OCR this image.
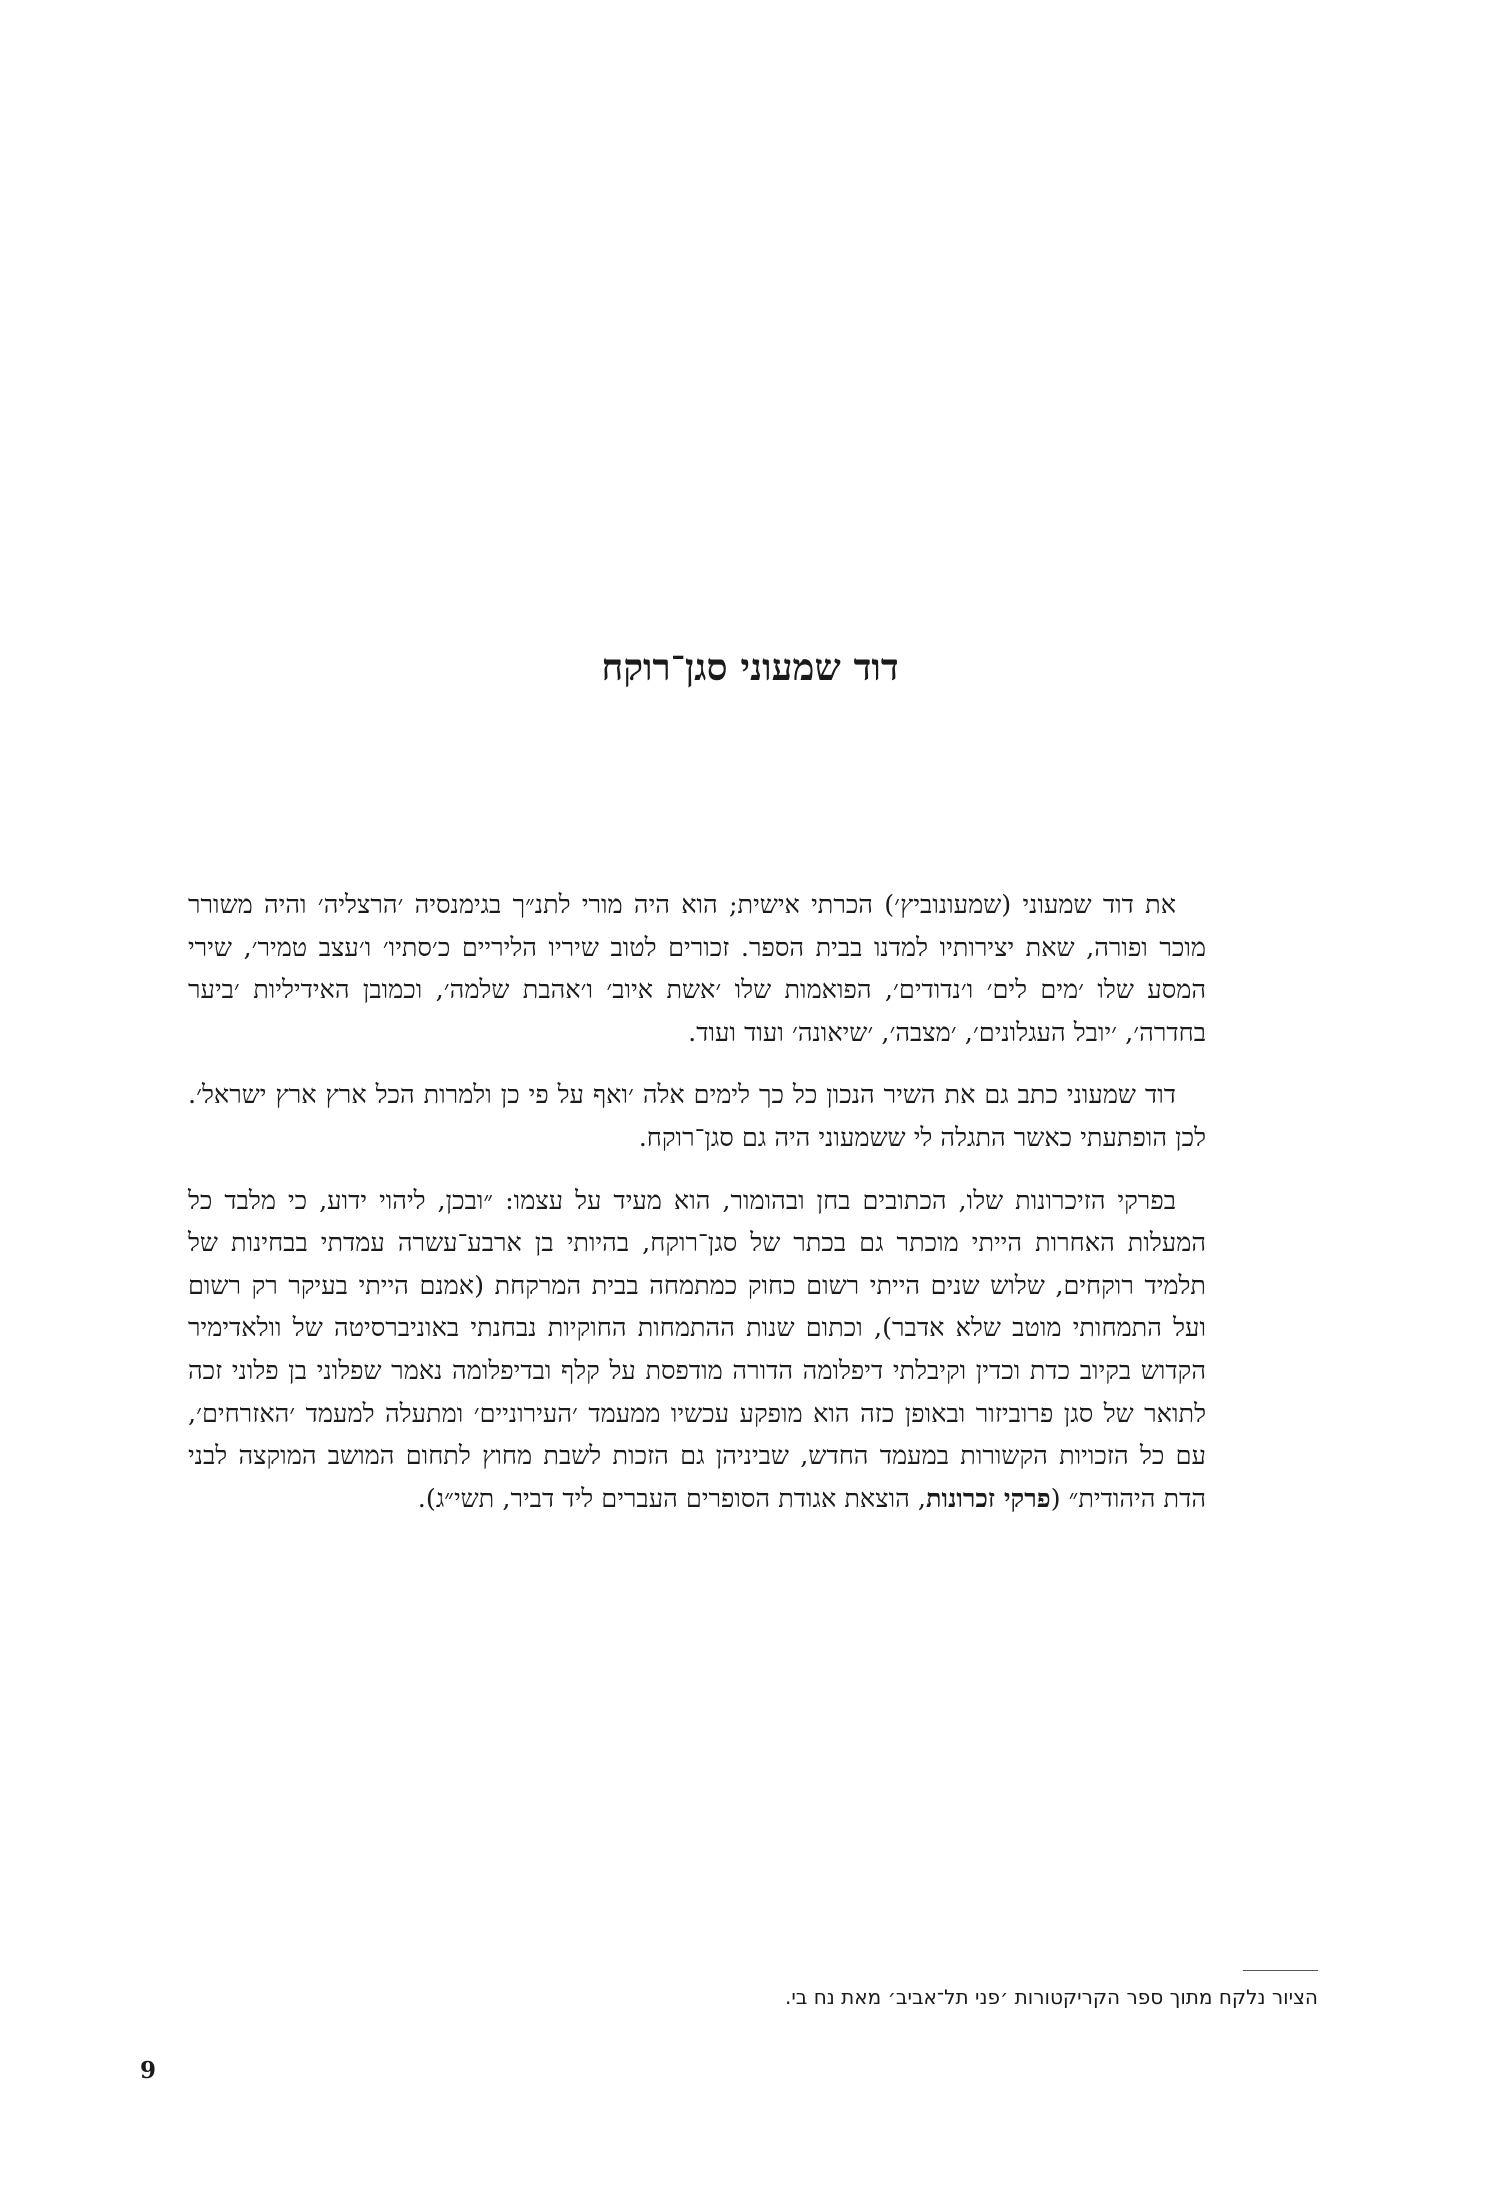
דוד שמעוני סגן־רוקח

את דוד שמעוני (שמעונוביץ׳) הכרתי אישית; הוא היה מורי לתנ״ך בגימנסיה ׳הרצליה׳ והיה משורר מוכר ופורה, שאת יצירותיו למדנו בבית הספר. זכורים לטוב שיריו הליריים כ׳סתיו׳ ו׳עצב טמיר׳, שירי המסע שלו ׳מים לים׳ ו׳נדודים׳, הפואמות שלו ׳אשת איוב׳ ו׳אהבת שלמה׳, וכמובן האידיליות ׳ביער בחדרה׳, ׳יובל העגלונים׳, ׳מצבה׳, ׳שיאונה׳ ועוד ועוד.

דוד שמעוני כתב גם את השיר הנכון כל כך לימים אלה ׳ואף על פי כן ולמרות הכל ארץ ארץ ישראל׳. לכן הופתעתי כאשר התגלה לי ששמעוני היה גם סגן־רוקח.

בפרקי הזיכרונות שלו, הכתובים בחן ובהומור, הוא מעיד על עצמו: ״ובכן, ליהוי ידוע, כי מלבד כל המעלות האחרות הייתי מוכתר גם בכתר של סגן־רוקח, בהיותי בן ארבע־עשרה עמדתי בבחינות של תלמיד רוקחים, שלוש שנים הייתי רשום כחוק כמתמחה בבית המרקחת (אמנם הייתי בעיקר רק רשום ועל התמחותי מוטב שלא אדבר), וכתום שנות ההתמחות החוקיות נבחנתי באוניברסיטה של וולאדימיר הקדוש בקיוב כדת וכדין וקיבלתי דיפלומה הדורה מודפסת על קלף ובדיפלומה נאמר שפלוני בן פלוני זכה לתואר של סגן פרוביזור ובאופן כזה הוא מופקע עכשיו ממעמד ׳העירוניים׳ ומתעלה למעמד ׳האזרחים׳, עם כל הזכויות הקשורות במעמד החדש, שביניהן גם הזכות לשבת מחוץ לתחום המושב המוקצה לבני הדת היהודית״ (פרקי זכרונות, הוצאת אגודת הסופרים העברים ליד דביר, תשי״ג).

הציור נלקח מתוך ספר הקריקטורות ׳פני תל־אביב׳ מאת נח בי.
9
